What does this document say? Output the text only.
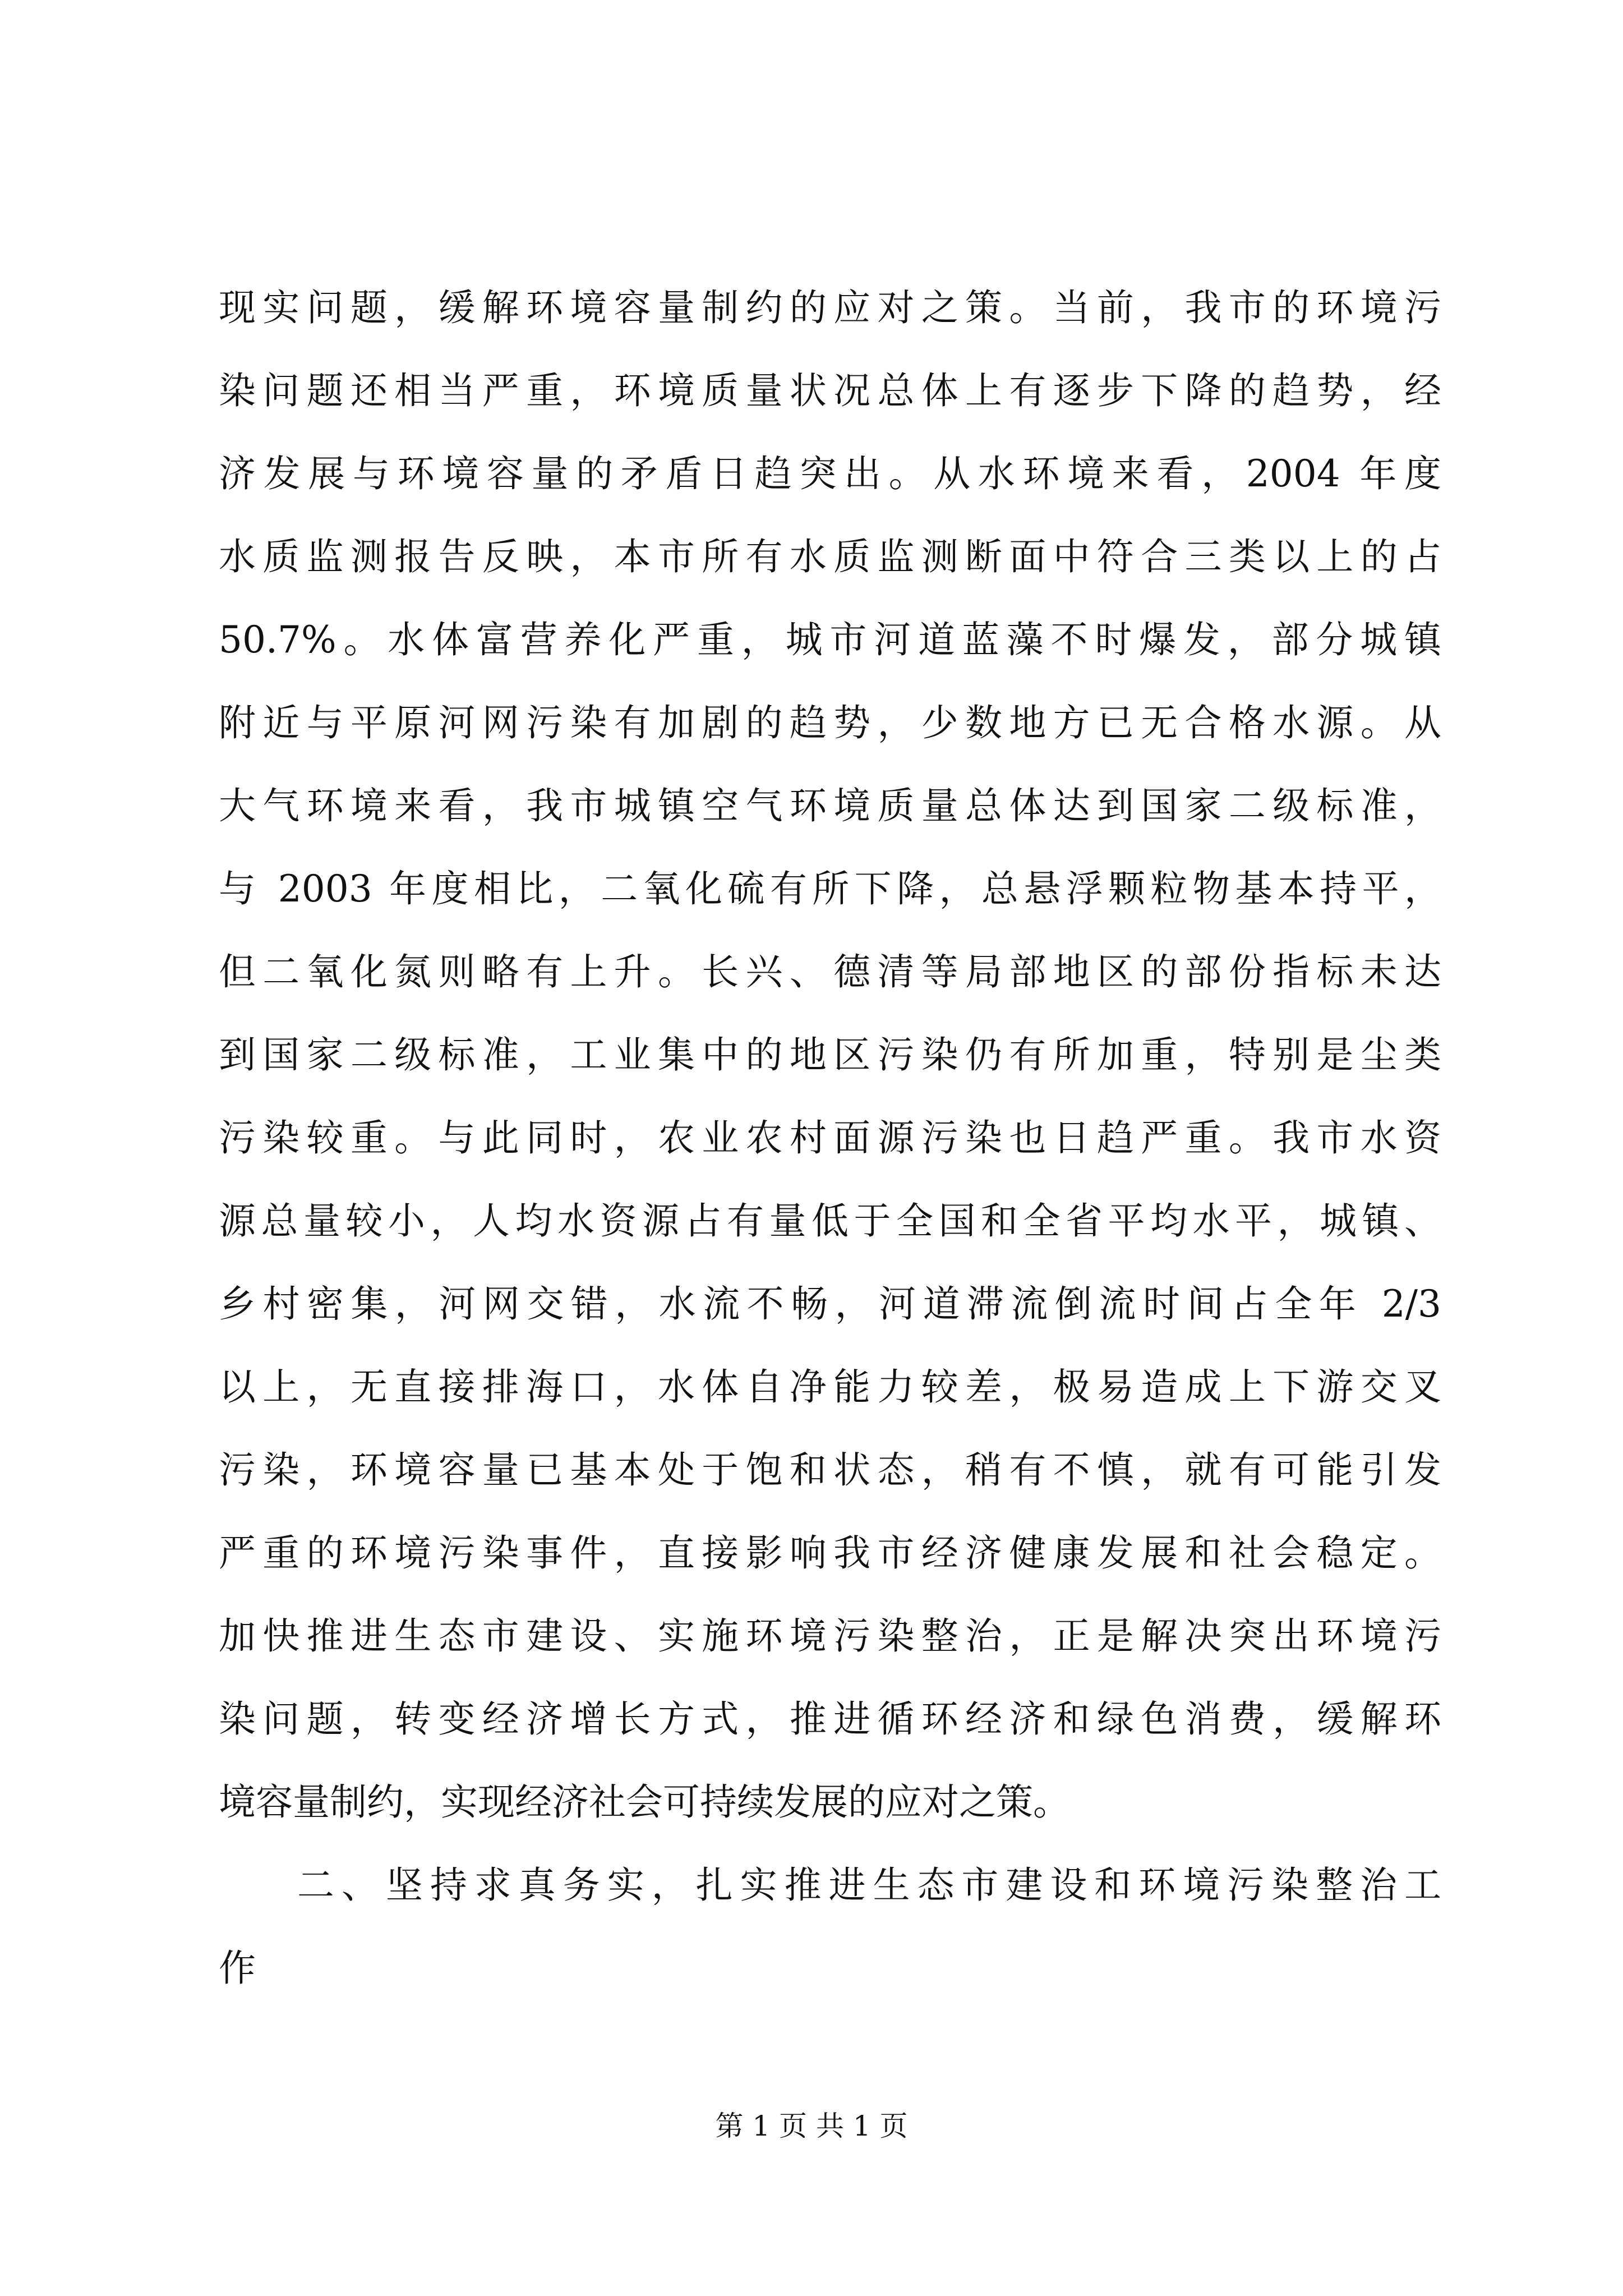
现实问题，缓解环境容量制约的应对之策。当前，我市的环境污
染问题还相当严重，环境质量状况总体上有逐步下降的趋势，经
济发展与环境容量的矛盾日趋突出。从水环境来看，2004 年度
水质监测报告反映，本市所有水质监测断面中符合三类以上的占
50.7%。水体富营养化严重，城市河道蓝藻不时爆发，部分城镇
附近与平原河网污染有加剧的趋势，少数地方已无合格水源。从
大气环境来看，我市城镇空气环境质量总体达到国家二级标准，
与 2003 年度相比，二氧化硫有所下降，总悬浮颗粒物基本持平，
但二氧化氮则略有上升。长兴、德清等局部地区的部份指标未达
到国家二级标准，工业集中的地区污染仍有所加重，特别是尘类
污染较重。与此同时，农业农村面源污染也日趋严重。我市水资
源总量较小，人均水资源占有量低于全国和全省平均水平，城镇、
乡村密集，河网交错，水流不畅，河道滞流倒流时间占全年 2/3
以上，无直接排海口，水体自净能力较差，极易造成上下游交叉
污染，环境容量已基本处于饱和状态，稍有不慎，就有可能引发
严重的环境污染事件，直接影响我市经济健康发展和社会稳定。
加快推进生态市建设、实施环境污染整治，正是解决突出环境污
染问题，转变经济增长方式，推进循环经济和绿色消费，缓解环
境容量制约，实现经济社会可持续发展的应对之策。
二、坚持求真务实，扎实推进生态市建设和环境污染整治工
作
第 1 页 共 1 页
